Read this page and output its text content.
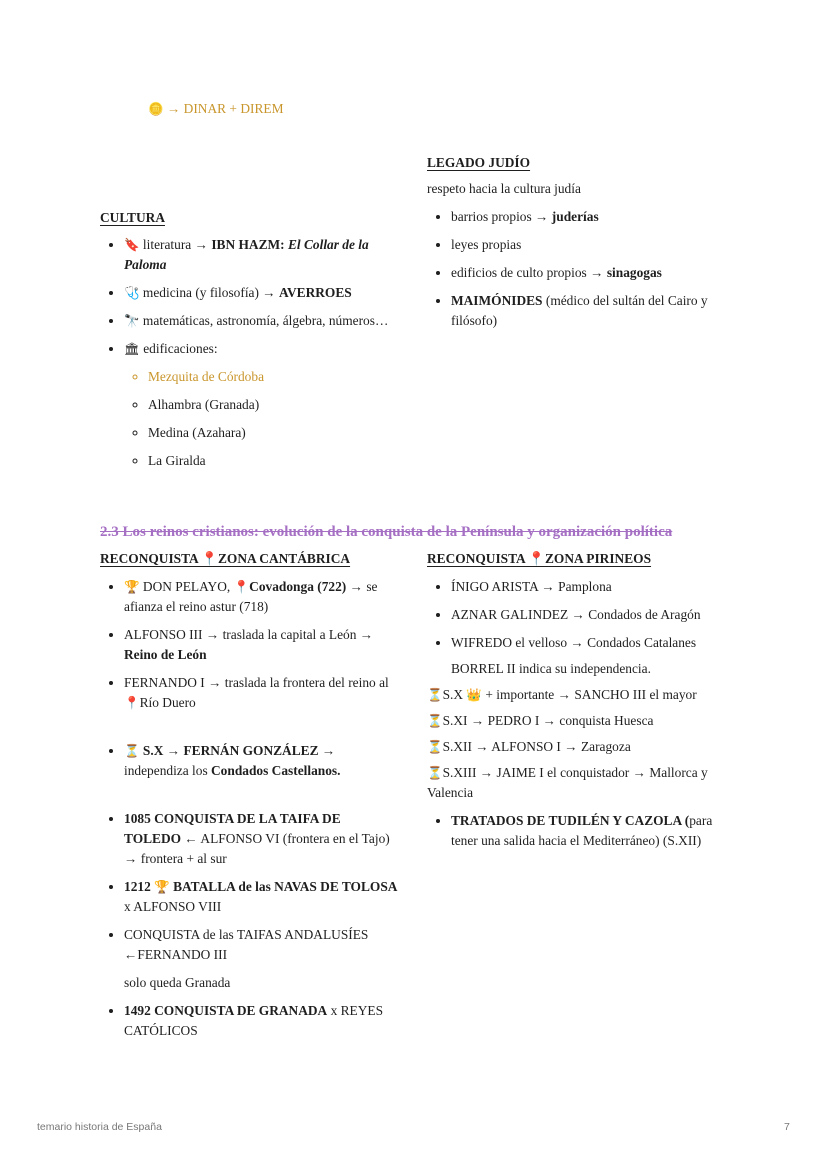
🪙 → DINAR + DIREM

LEGADO JUDÍO

respeto hacia la cultura judía

• barrios propios → juderías
• leyes propias
• edificios de culto propios → sinagogas
• MAIMÓNIDES (médico del sultán del Cairo y filósofo)

CULTURA

• 🔖 literatura → IBN HAZM: El Collar de la Paloma
• 🩺 medicina (y filosofía) → AVERROES
• 🔭 matemáticas, astronomía, álgebra, números…
• 🏛 edificaciones:
◦ Mezquita de Córdoba
◦ Alhambra (Granada)
◦ Medina (Azahara)
◦ La Giralda

2.3 Los reinos cristianos: evolución de la conquista de la Península y organización política

RECONQUISTA 📍ZONA CANTÁBRICA

• 🏆 DON PELAYO, 📍Covadonga (722) → se afianza el reino astur (718)
• ALFONSO III → traslada la capital a León → Reino de León
• FERNANDO I → traslada la frontera del reino al 📍Río Duero
• ⏳ S.X → FERNÁN GONZÁLEZ → independiza los Condados Castellanos.
• 1085 CONQUISTA DE LA TAIFA DE TOLEDO ← ALFONSO VI (frontera en el Tajo) → frontera + al sur
• 1212 🏆 BATALLA de las NAVAS DE TOLOSA x ALFONSO VIII
• CONQUISTA de las TAIFAS ANDALUSÍES ←FERNANDO III
solo queda Granada
• 1492 CONQUISTA DE GRANADA x REYES CATÓLICOS

RECONQUISTA 📍ZONA PIRINEOS

• ÍNIGO ARISTA → Pamplona
• AZNAR GALINDEZ → Condados de Aragón
• WIFREDO el velloso → Condados Catalanes
BORREL II indica su independencia.

⏳S.X 👑 + importante → SANCHO III el mayor

⏳S.XI → PEDRO I → conquista Huesca

⏳S.XII → ALFONSO I → Zaragoza

⏳S.XIII → JAIME I el conquistador → Mallorca y Valencia

• TRATADOS DE TUDILÉN Y CAZOLA (para tener una salida hacia el Mediterráneo) (S.XII)
temario historia de España	7
